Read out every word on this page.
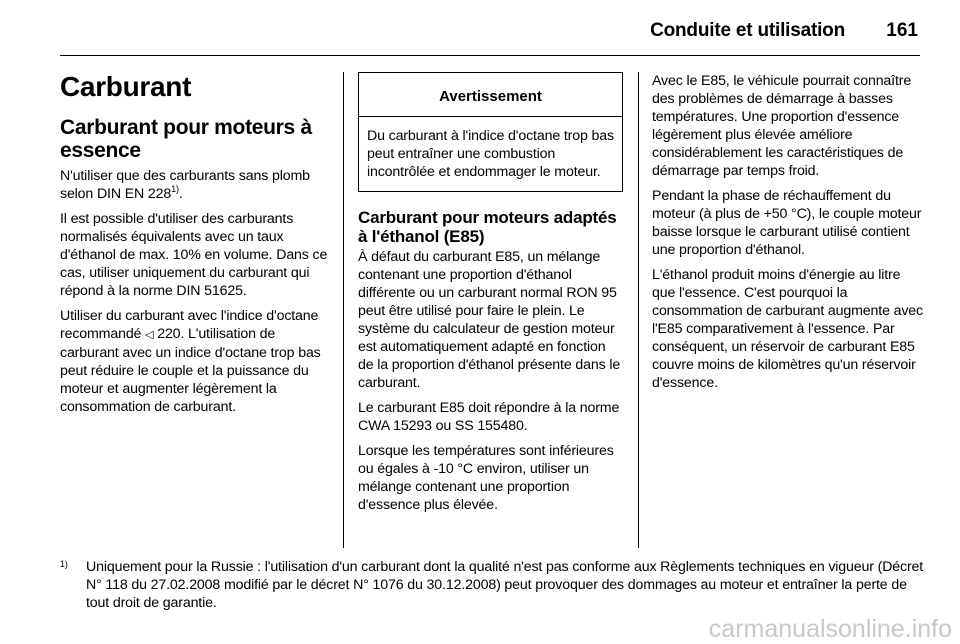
Conduite et utilisation 161
Carburant
Carburant pour moteurs à essence

N'utiliser que des carburants sans plomb selon DIN EN 228$^{1)}$.

Il est possible d'utiliser des carburants normalisés équivalents avec un taux d'éthanol de max. 10% en volume. Dans ce cas, utiliser uniquement du carburant qui répond à la norme DIN 51625.

Utiliser du carburant avec l'indice d'octane recommandé ◁ 220. L'utilisation de carburant avec un indice d'octane trop bas peut réduire le couple et la puissance du moteur et augmenter légèrement la consommation de carburant.

Avertissement

Du carburant à l'indice d'octane trop bas peut entraîner une combustion incontrôlée et endommager le moteur.

Carburant pour moteurs adaptés à l'éthanol (E85)

À défaut du carburant E85, un mélange contenant une proportion d'éthanol différente ou un carburant normal RON 95 peut être utilisé pour faire le plein. Le système du calculateur de gestion moteur est automatiquement adapté en fonction de la proportion d'éthanol présente dans le carburant.

Le carburant E85 doit répondre à la norme CWA 15293 ou SS 155480.

Lorsque les températures sont inférieures ou égales à -10 °C environ, utiliser un mélange contenant une proportion d'essence plus élevée.

Avec le E85, le véhicule pourrait connaître des problèmes de démarrage à basses températures. Une proportion d'essence légèrement plus élevée améliore considérablement les caractéristiques de démarrage par temps froid.

Pendant la phase de réchauffement du moteur (à plus de +50 °C), le couple moteur baisse lorsque le carburant utilisé contient une proportion d'éthanol.

L'éthanol produit moins d'énergie au litre que l'essence. C'est pourquoi la consommation de carburant augmente avec l'E85 comparativement à l'essence. Par conséquent, un réservoir de carburant E85 couvre moins de kilomètres qu'un réservoir d'essence.

1) Uniquement pour la Russie : l'utilisation d'un carburant dont la qualité n'est pas conforme aux Règlements techniques en vigueur (Décret N° 118 du 27.02.2008 modifié par le décret N° 1076 du 30.12.2008) peut provoquer des dommages au moteur et entraîner la perte de tout droit de garantie.
carmanualsonline.info
